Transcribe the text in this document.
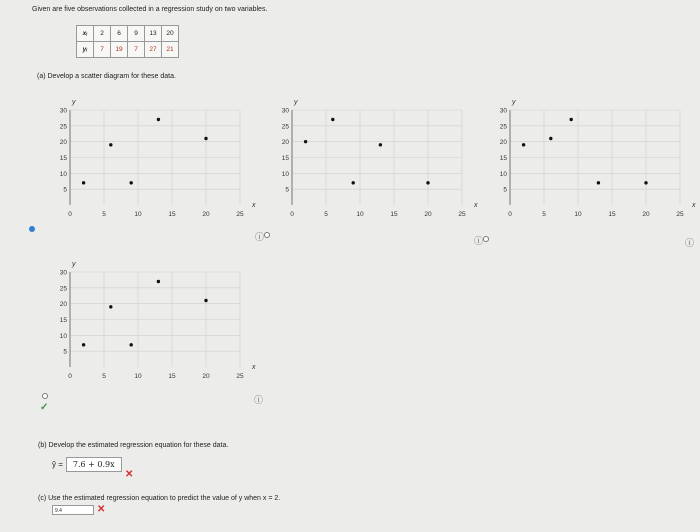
Given are five observations collected in a regression study on two variables.
xᵢ	2	6	9	13	20
yᵢ	7	19	7	27	21
(a) Develop a scatter diagram for these data.
0	5	10	15	20	25
5
10
15
20
25
30
x
y
0	5	10	15	20	25
5
10
15
20
25
30
x
y
0	5	10	15	20	25
5
10
15
20
25
30
x
y
0	5	10	15	20	25
5
10
15
20
25
30
x
y
✓
ⓘ	ⓘ	ⓘ
ⓘ
(b) Develop the estimated regression equation for these data.
ŷ =	7.6 + 0.9x
✕
(c) Use the estimated regression equation to predict the value of y when x = 2.
9.4	✕
